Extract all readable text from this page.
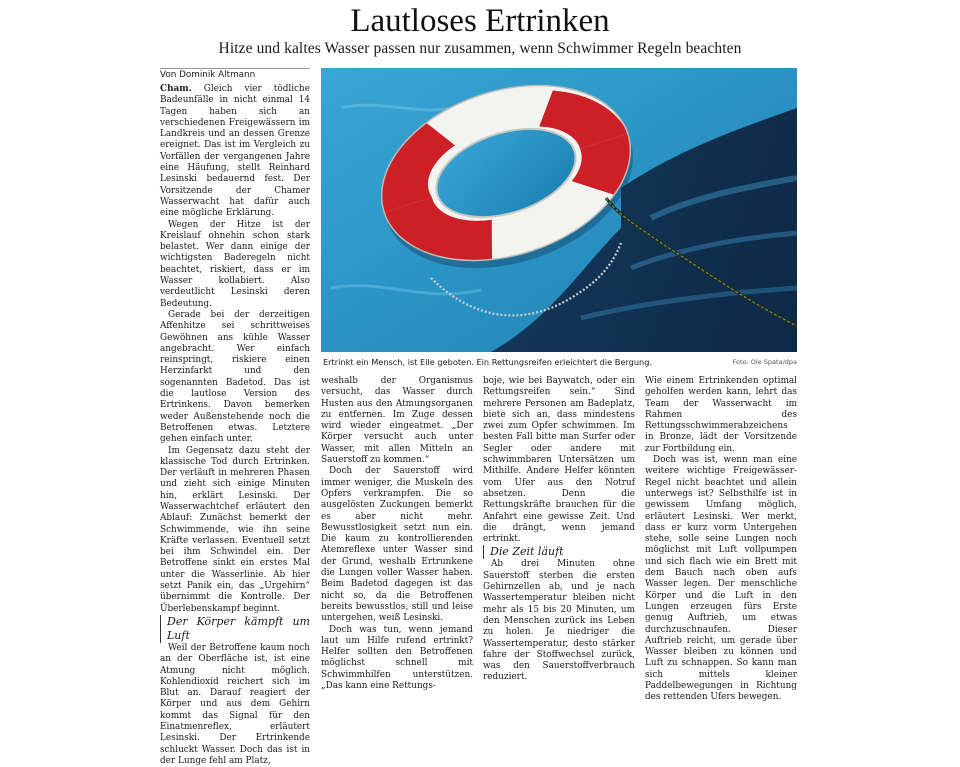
Lautloses Ertrinken
Hitze und kaltes Wasser passen nur zusammen, wenn Schwimmer Regeln beachten
Von Dominik Altmann

Cham. Gleich vier tödliche Badeunfälle in nicht einmal 14 Tagen haben sich an verschiedenen Freigewässern im Landkreis und an dessen Grenze ereignet. Das ist im Vergleich zu Vorfällen der vergangenen Jahre eine Häufung, stellt Reinhard Lesinski bedauernd fest. Der Vorsitzende der Chamer Wasserwacht hat dafür auch eine mögliche Erklärung.

Wegen der Hitze ist der Kreislauf ohnehin schon stark belastet. Wer dann einige der wichtigsten Baderegeln nicht beachtet, riskiert, dass er im Wasser kollabiert. Also verdeutlicht Lesinski deren Bedeutung.

Gerade bei der derzeitigen Affenhitze sei schrittweises Gewöhnen ans kühle Wasser angebracht. Wer einfach reinspringt, riskiere einen Herzinfarkt und den sogenannten Badetod. Das ist die lautlose Version des Ertrinkens. Davon bemerken weder Außenstehende noch die Betroffenen etwas. Letztere gehen einfach unter.

Im Gegensatz dazu steht der klassische Tod durch Ertrinken. Der verläuft in mehreren Phasen und zieht sich einige Minuten hin, erklärt Lesinski. Der Wasserwachtchef erläutert den Ablauf: Zunächst bemerkt der Schwimmende, wie ihn seine Kräfte verlassen. Eventuell setzt bei ihm Schwindel ein. Der Betroffene sinkt ein erstes Mal unter die Wasserlinie. Ab hier setzt Panik ein, das „Urgehirn“ übernimmt die Kontrolle. Der Überlebenskampf beginnt.

Der Körper kämpft um Luft

Weil der Betroffene kaum noch an der Oberfläche ist, ist eine Atmung nicht möglich. Kohlendioxid reichert sich im Blut an. Darauf reagiert der Körper und aus dem Gehirn kommt das Signal für den Einatmenreflex, erläutert Lesinski. Der Ertrinkende schluckt Wasser. Doch das ist in der Lunge fehl am Platz,

Ertrinkt ein Mensch, ist Eile geboten. Ein Rettungsreifen erleichtert die Bergung.	Foto: Ole Spata/dpa

weshalb der Organismus versucht, das Wasser durch Husten aus den Atmungsorganen zu entfernen. Im Zuge dessen wird wieder eingeatmet. „Der Körper versucht auch unter Wasser, mit allen Mitteln an Sauerstoff zu kommen.“

Doch der Sauerstoff wird immer weniger, die Muskeln des Opfers verkrampfen. Die so ausgelösten Zuckungen bemerkt es aber nicht mehr. Bewusstlosigkeit setzt nun ein. Die kaum zu kontrollierenden Atemreflexe unter Wasser sind der Grund, weshalb Ertrunkene die Lungen voller Wasser haben. Beim Badetod dagegen ist das nicht so, da die Betroffenen bereits bewusstlos, still und leise untergehen, weiß Lesinski.

Doch was tun, wenn jemand laut um Hilfe rufend ertrinkt? Helfer sollten den Betroffenen möglichst schnell mit Schwimmhilfen unterstützen. „Das kann eine Rettungs-

boje, wie bei Baywatch, oder ein Rettungsreifen sein.“ Sind mehrere Personen am Badeplatz, biete sich an, dass mindestens zwei zum Opfer schwimmen. Im besten Fall bitte man Surfer oder Segler oder andere mit schwimmbaren Untersätzen um Mithilfe. Andere Helfer könnten vom Ufer aus den Notruf absetzen. Denn die Rettungskräfte brauchen für die Anfahrt eine gewisse Zeit. Und die drängt, wenn jemand ertrinkt.

Die Zeit läuft

Ab drei Minuten ohne Sauerstoff sterben die ersten Gehirnzellen ab, und je nach Wassertemperatur bleiben nicht mehr als 15 bis 20 Minuten, um den Menschen zurück ins Leben zu holen. Je niedriger die Wassertemperatur, desto stärker fahre der Stoffwechsel zurück, was den Sauerstoffverbrauch reduziert.

Wie einem Ertrinkenden optimal geholfen werden kann, lehrt das Team der Wasserwacht im Rahmen des Rettungsschwimmerabzeichens in Bronze, lädt der Vorsitzende zur Fortbildung ein.

Doch was ist, wenn man eine weitere wichtige Freigewässer-Regel nicht beachtet und allein unterwegs ist? Selbsthilfe ist in gewissem Umfang möglich, erläutert Lesinski. Wer merkt, dass er kurz vorm Untergehen stehe, solle seine Lungen noch möglichst mit Luft vollpumpen und sich flach wie ein Brett mit dem Bauch nach oben aufs Wasser legen. Der menschliche Körper und die Luft in den Lungen erzeugen fürs Erste genug Auftrieb, um etwas durchzuschnaufen. Dieser Auftrieb reicht, um gerade über Wasser bleiben zu können und Luft zu schnappen. So kann man sich mittels kleiner Paddelbewegungen in Richtung des rettenden Ufers bewegen.
